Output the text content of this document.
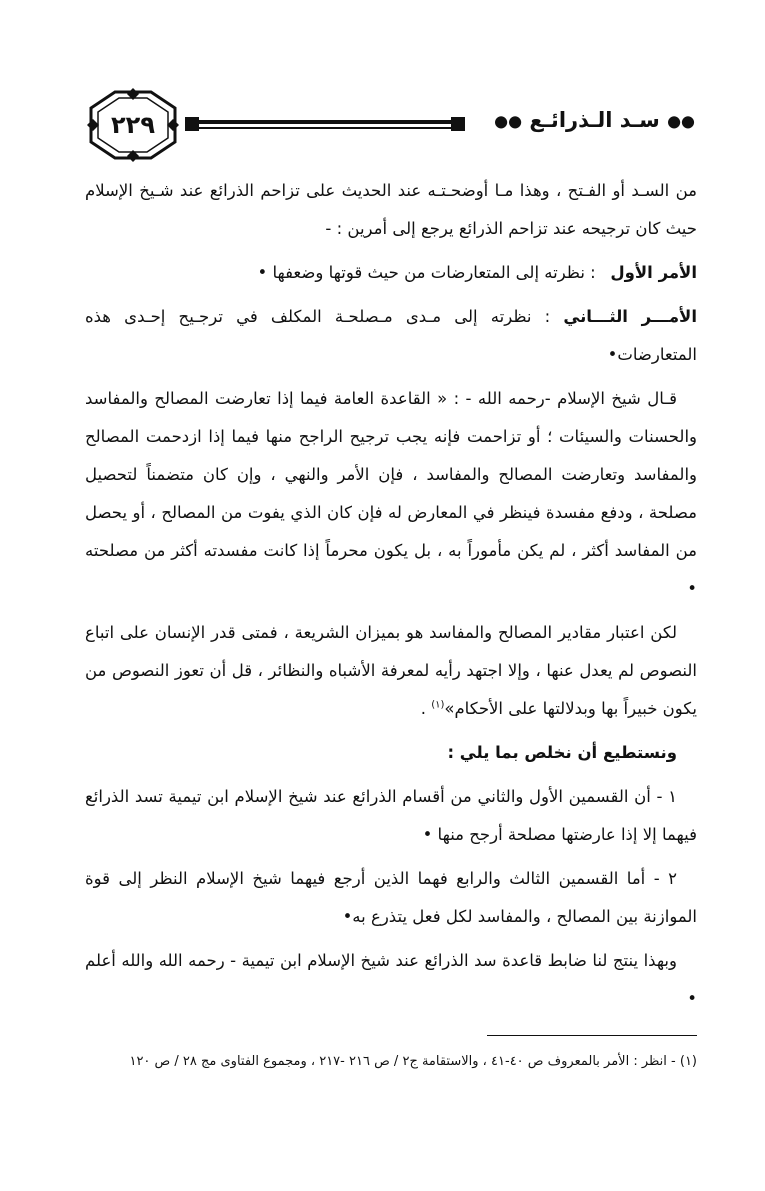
●● سـد الـذرائـع ●●
٢٢٩

من السـد أو الفـتح ، وهذا مـا أوضحـتـه عند الحديث على تزاحم الذرائع عند شـيخ الإسلام حيث كان ترجيحه عند تزاحم الذرائع يرجع إلى أمرين : -

الأمر الأول : نظرته إلى المتعارضات من حيث قوتها وضعفها •

الأمـــر الثـــاني : نظرته إلى مـدى مـصلحـة المكلف في ترجـيح إحـدى هذه المتعارضات•

قـال شيخ الإسلام -رحمه الله - : « القاعدة العامة فيما إذا تعارضت المصالح والمفاسد والحسنات والسيئات ؛ أو تزاحمت فإنه يجب ترجيح الراجح منها فيما إذا ازدحمت المصالح والمفاسد وتعارضت المصالح والمفاسد ، فإن الأمر والنهي ، وإن كان متضمناً لتحصيل مصلحة ، ودفع مفسدة فينظر في المعارض له فإن كان الذي يفوت من المصالح ، أو يحصل من المفاسد أكثر ، لم يكن مأموراً به ، بل يكون محرماً إذا كانت مفسدته أكثر من مصلحته •

لكن اعتبار مقادير المصالح والمفاسد هو بميزان الشريعة ، فمتى قدر الإنسان على اتباع النصوص لم يعدل عنها ، وإلا اجتهد رأيه لمعرفة الأشباه والنظائر ، قل أن تعوز النصوص من يكون خبيراً بها وبدلالتها على الأحكام»$^{(١)}$ .

ونستطيع أن نخلص بما يلي :

١ - أن القسمين الأول والثاني من أقسام الذرائع عند شيخ الإسلام ابن تيمية تسد الذرائع فيهما إلا إذا عارضتها مصلحة أرجح منها •

٢ - أما القسمين الثالث والرابع فهما الذين أرجع فيهما شيخ الإسلام النظر إلى قوة الموازنة بين المصالح ، والمفاسد لكل فعل يتذرع به•

وبهذا ينتج لنا ضابط قاعدة سد الذرائع عند شيخ الإسلام ابن تيمية - رحمه الله والله أعلم •

(١) - انظر : الأمر بالمعروف ص ٤٠-٤١ ، والاستقامة ج٢ / ص ٢١٦ -٢١٧ ، ومجموع الفتاوى مج ٢٨ / ص ١٢٠
